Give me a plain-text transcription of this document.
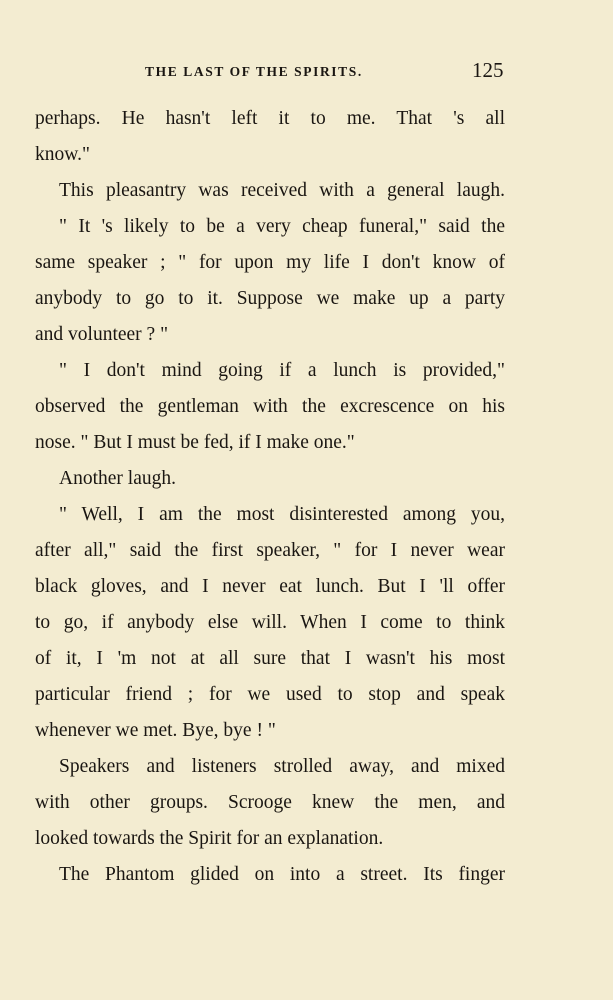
THE LAST OF THE SPIRITS.	125
perhaps. He hasn't left it to me. That 's all
know."
This pleasantry was received with a general laugh.
" It 's likely to be a very cheap funeral," said the
same speaker ; " for upon my life I don't know of
anybody to go to it. Suppose we make up a party
and volunteer ? "
" I don't mind going if a lunch is provided,"
observed the gentleman with the excrescence on his
nose. " But I must be fed, if I make one."
Another laugh.
" Well, I am the most disinterested among you,
after all," said the first speaker, " for I never wear
black gloves, and I never eat lunch. But I 'll offer
to go, if anybody else will. When I come to think
of it, I 'm not at all sure that I wasn't his most
particular friend ; for we used to stop and speak
whenever we met. Bye, bye ! "
Speakers and listeners strolled away, and mixed
with other groups. Scrooge knew the men, and
looked towards the Spirit for an explanation.
The Phantom glided on into a street. Its finger
